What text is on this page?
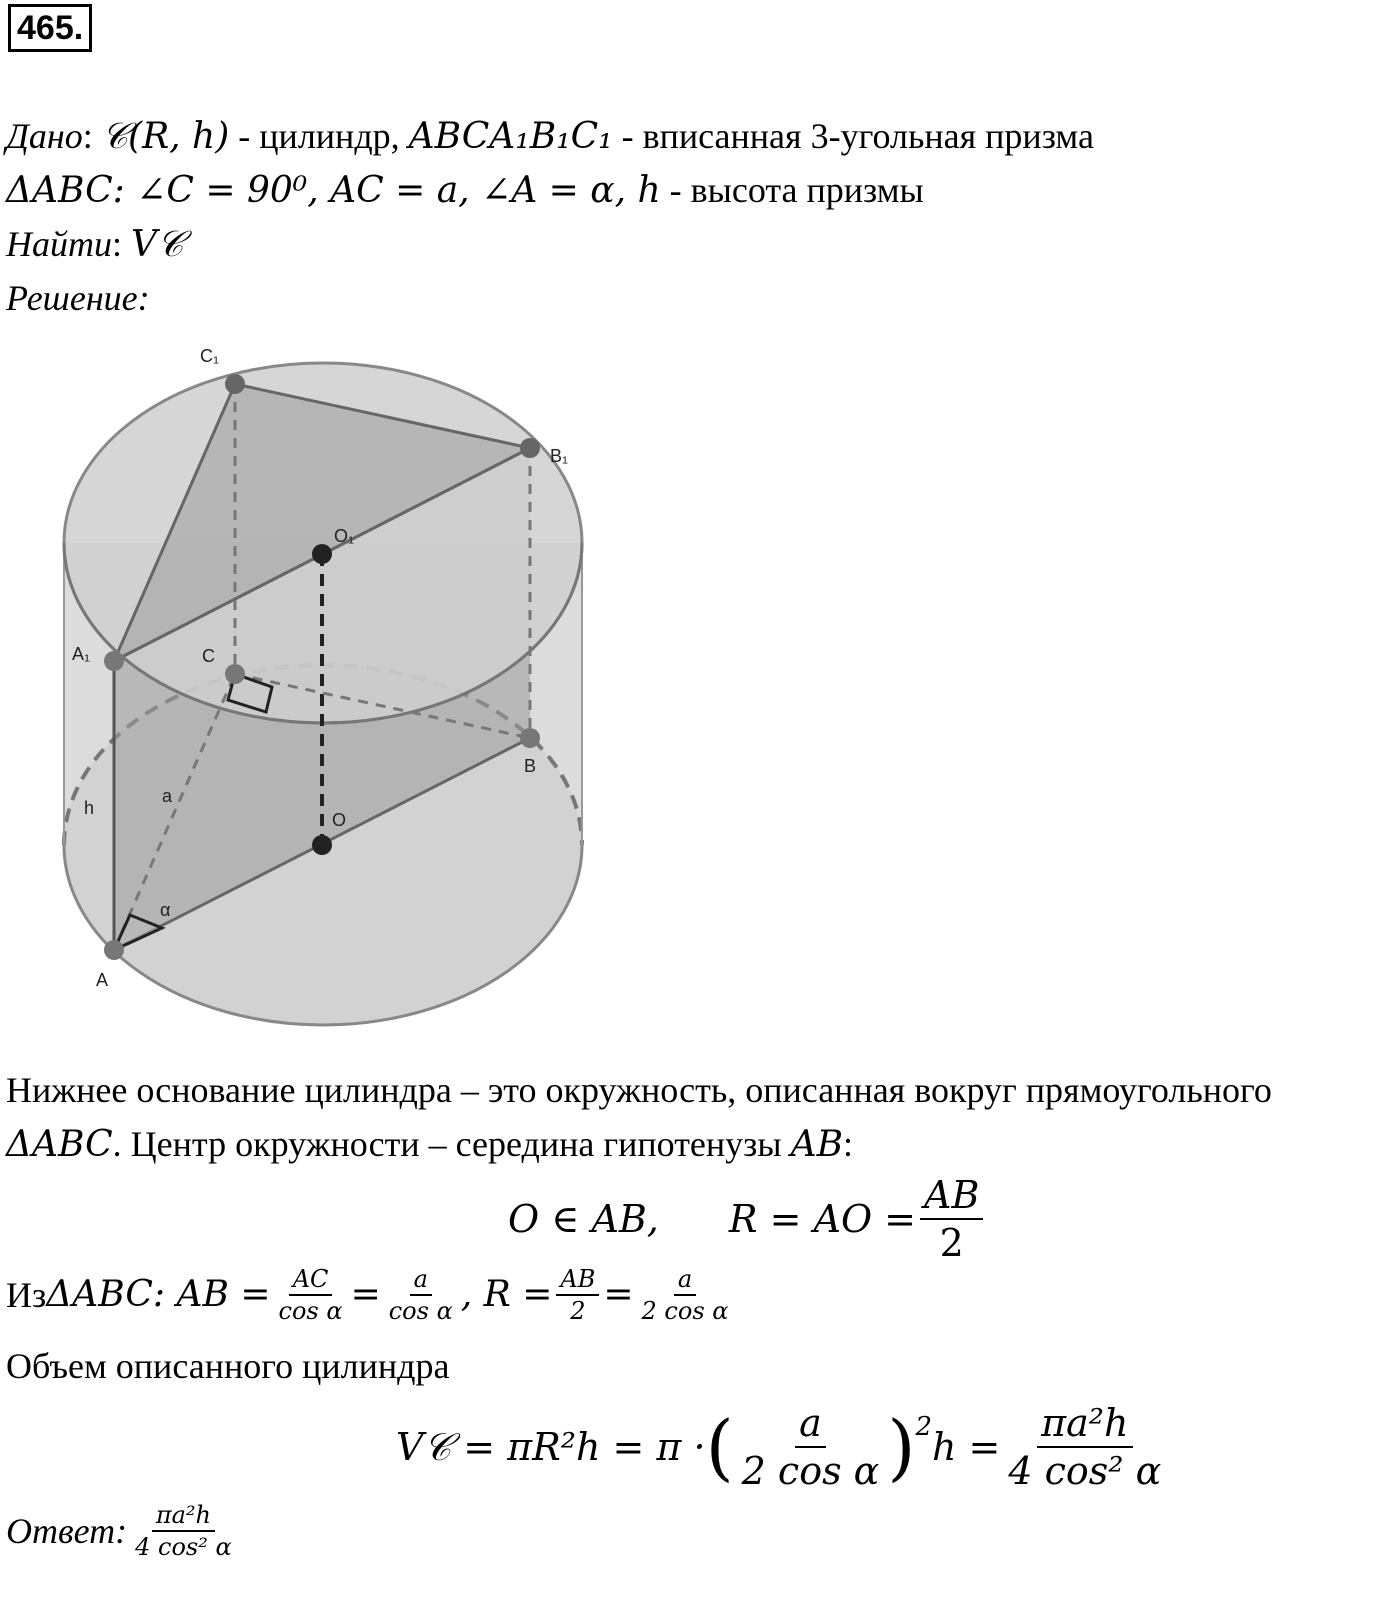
465.
Дано: 𝒞(R, h) - цилиндр, ABCA₁B₁C₁ - вписанная 3-угольная призма
ΔABC: ∠C = 90⁰, AC = a, ∠A = α, h - высота призмы
Найти: V𝒞
Решение:
C₁
B₁
O₁
A₁	C
B
O
A
h
a
α
Нижнее основание цилиндра – это окружность, описанная вокруг прямоугольного
ΔABC. Центр окружности – середина гипотенузы AB:
O ∈ AB, R = AO = $\frac{AB}{2}$
Из ΔABC: AB = $\frac{AC}{\text{cos α}} = \frac{a}{\text{cos α}}$ , $R = \frac{AB}{2} = \frac{a}{\text{2 cos α}}$
Объем описанного цилиндра
V𝒞 = πR²h = π · ( $\frac{a}{\text{2 cos α}}$ ) 2 $h = \frac{\text{πa²h}}{\text{4 cos² α}}$
Ответ: $\frac{\text{πa²h}}{\text{4 cos² α}}$
